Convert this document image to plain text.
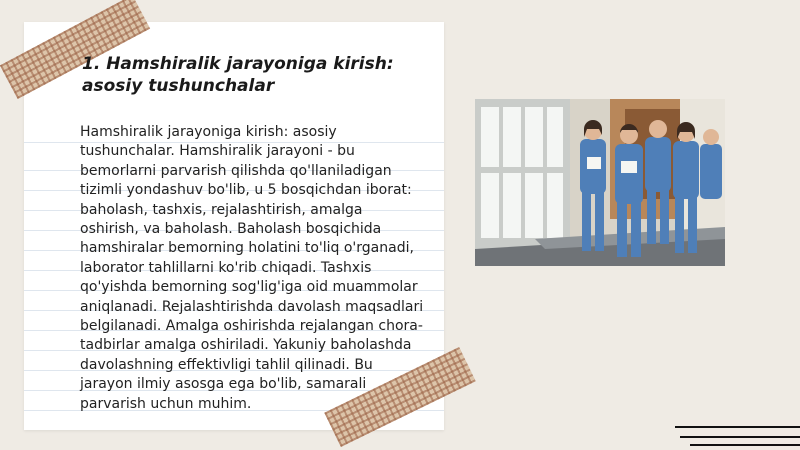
1. Hamshiralik jarayoniga kirish: asosiy tushunchalar

Hamshiralik jarayoniga kirish: asosiy tushunchalar. Hamshiralik jarayoni - bu bemorlarni parvarish qilishda qo'llaniladigan tizimli yondashuv bo'lib, u 5 bosqichdan iborat: baholash, tashxis, rejalashtirish, amalga oshirish, va baholash. Baholash bosqichida hamshiralar bemorning holatini to'liq o'rganadi, laborator tahlillarni ko'rib chiqadi. Tashxis qo'yishda bemorning sog'lig'iga oid muammolar aniqlanadi. Rejalashtirishda davolash maqsadlari belgilanadi. Amalga oshirishda rejalangan chora-tadbirlar amalga oshiriladi. Yakuniy baholashda davolashning effektivligi tahlil qilinadi. Bu jarayon ilmiy asosga ega bo'lib, samarali parvarish uchun muhim.
